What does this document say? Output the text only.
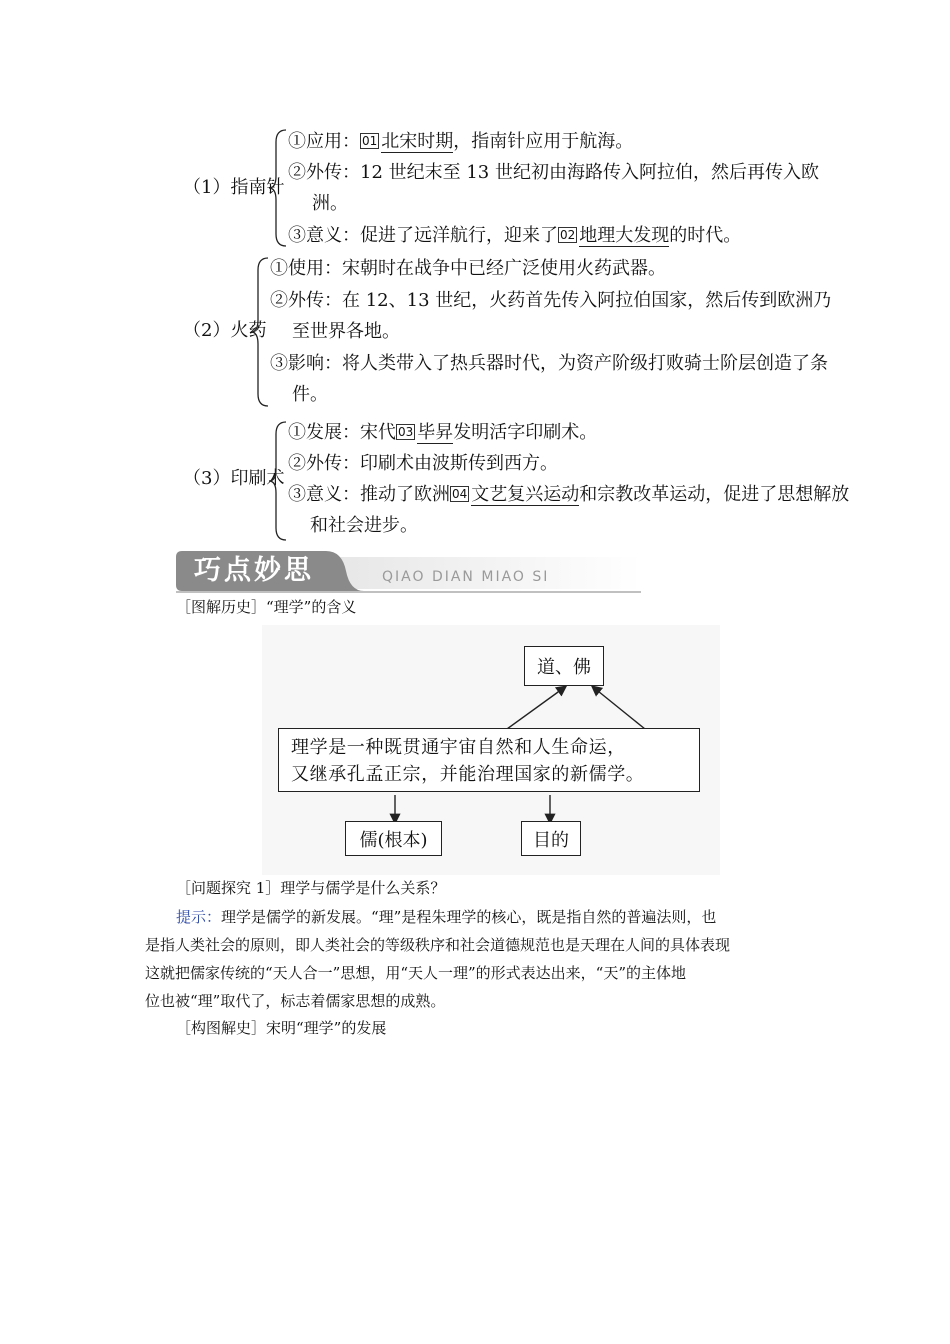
（1）指南针
①应用： 01 北宋时期，指南针应用于航海。
②外传：12 世纪末至 13 世纪初由海路传入阿拉伯，然后再传入欧洲。
③意义：促进了远洋航行，迎来了 02 地理大发现的时代。
（2）火药
①使用：宋朝时在战争中已经广泛使用火药武器。
②外传：在 12、13 世纪，火药首先传入阿拉伯国家，然后传到欧洲乃至世界各地。
③影响：将人类带入了热兵器时代，为资产阶级打败骑士阶层创造了条件。
（3）印刷术
①发展：宋代 03 毕昇发明活字印刷术。
②外传：印刷术由波斯传到西方。
③意义：推动了欧洲 04 文艺复兴运动和宗教改革运动，促进了思想解放和社会进步。
巧点妙思	QIAO DIAN MIAO SI
［图解历史］“理学”的含义
道、佛
理学是一种既贯通宇宙自然和人生命运，
又继承孔孟正宗，并能治理国家的新儒学。
儒(根本)	目的
［问题探究 1］理学与儒学是什么关系？
提示：理学是儒学的新发展。“理”是程朱理学的核心，既是指自然的普遍法则，也
是指人类社会的原则，即人类社会的等级秩序和社会道德规范也是天理在人间的具体表现
这就把儒家传统的“天人合一”思想，用“天人一理”的形式表达出来，“天”的主体地
位也被“理”取代了，标志着儒家思想的成熟。
［构图解史］宋明“理学”的发展
